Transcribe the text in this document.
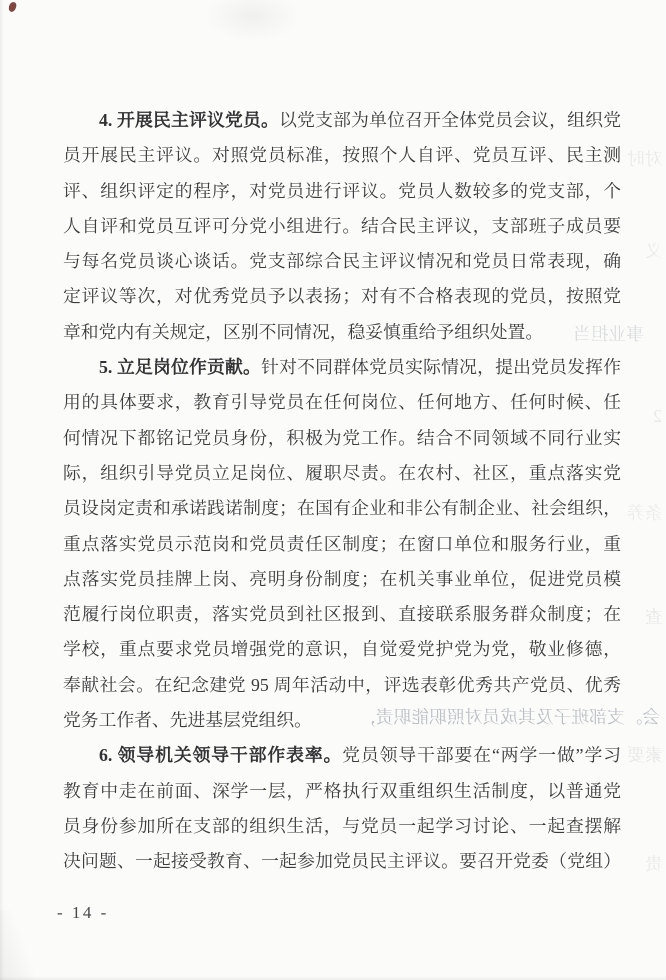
会。支部班子及其成员对照职能职责，
对时
义
事业担当
2
条养
查
素要
贵
4. 开展民主评议党员。以党支部为单位召开全体党员会议，组织党
员开展民主评议。对照党员标准，按照个人自评、党员互评、民主测
评、组织评定的程序，对党员进行评议。党员人数较多的党支部，个
人自评和党员互评可分党小组进行。结合民主评议，支部班子成员要
与每名党员谈心谈话。党支部综合民主评议情况和党员日常表现，确
定评议等次，对优秀党员予以表扬；对有不合格表现的党员，按照党
章和党内有关规定，区别不同情况，稳妥慎重给予组织处置。
5. 立足岗位作贡献。针对不同群体党员实际情况，提出党员发挥作
用的具体要求，教育引导党员在任何岗位、任何地方、任何时候、任
何情况下都铭记党员身份，积极为党工作。结合不同领域不同行业实
际，组织引导党员立足岗位、履职尽责。在农村、社区，重点落实党
员设岗定责和承诺践诺制度；在国有企业和非公有制企业、社会组织，
重点落实党员示范岗和党员责任区制度；在窗口单位和服务行业，重
点落实党员挂牌上岗、亮明身份制度；在机关事业单位，促进党员模
范履行岗位职责，落实党员到社区报到、直接联系服务群众制度；在
学校，重点要求党员增强党的意识，自觉爱党护党为党，敬业修德，
奉献社会。在纪念建党 95 周年活动中，评选表彰优秀共产党员、优秀
党务工作者、先进基层党组织。
6. 领导机关领导干部作表率。党员领导干部要在“两学一做”学习
教育中走在前面、深学一层，严格执行双重组织生活制度，以普通党
员身份参加所在支部的组织生活，与党员一起学习讨论、一起查摆解
决问题、一起接受教育、一起参加党员民主评议。要召开党委（党组）
- 14 -
